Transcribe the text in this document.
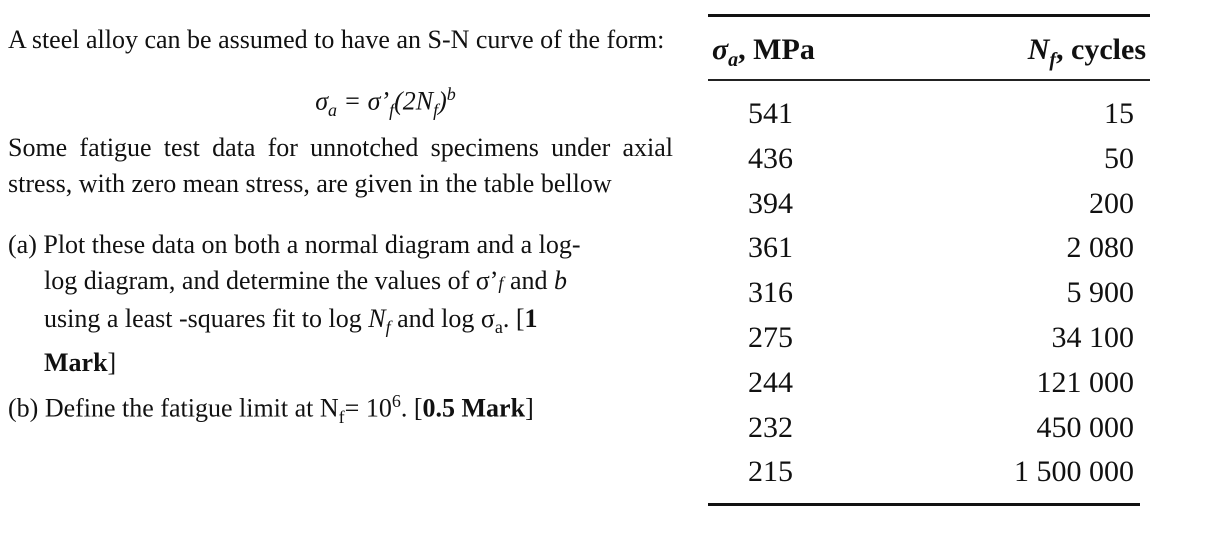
A steel alloy can be assumed to have an S-N curve of the form:

$\sigma_a$ = $\sigma’_f(2N_f)^b$

Some fatigue test data for unnotched specimens under axial stress, with zero mean stress, are given in the table bellow

(a) Plot these data on both a normal diagram and a log-
log diagram, and determine the values of σ’f and b
using a least -squares fit to $\log N_f$ and $\log \sigma_a$. [1
Mark]
(b) Define the fatigue limit at $N_f= 10^6$. [0.5 Mark]
$\sigma_a$, MPa	$N_f$, cycles
541	15
436	50
394	200
361	2 080
316	5 900
275	34 100
244	121 000
232	450 000
215	1 500 000
